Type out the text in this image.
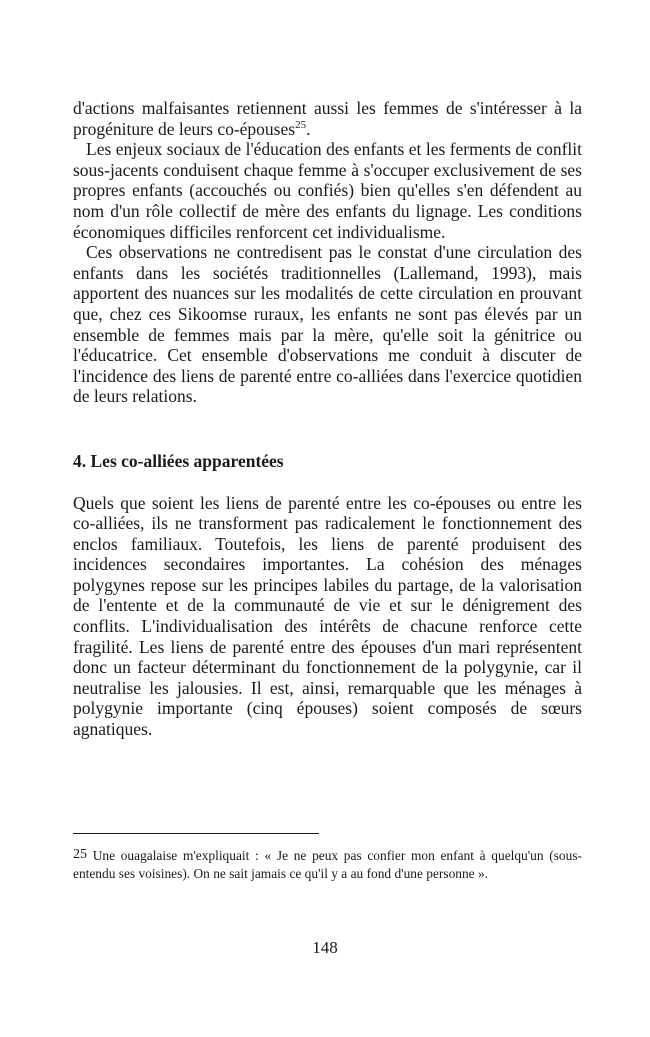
d'actions malfaisantes retiennent aussi les femmes de s'intéresser à la progéniture de leurs co-épouses$^{25}$.

Les enjeux sociaux de l'éducation des enfants et les ferments de conflit sous-jacents conduisent chaque femme à s'occuper exclusivement de ses propres enfants (accouchés ou confiés) bien qu'elles s'en défendent au nom d'un rôle collectif de mère des enfants du lignage. Les conditions économiques difficiles renforcent cet individualisme.

Ces observations ne contredisent pas le constat d'une circulation des enfants dans les sociétés traditionnelles (Lallemand, 1993), mais apportent des nuances sur les modalités de cette circulation en prouvant que, chez ces Sikoomse ruraux, les enfants ne sont pas élevés par un ensemble de femmes mais par la mère, qu'elle soit la génitrice ou l'éducatrice. Cet ensemble d'observations me conduit à discuter de l'incidence des liens de parenté entre co-alliées dans l'exercice quotidien de leurs relations.

4. Les co-alliées apparentées

Quels que soient les liens de parenté entre les co-épouses ou entre les co-alliées, ils ne transforment pas radicalement le fonctionnement des enclos familiaux. Toutefois, les liens de parenté produisent des incidences secondaires importantes. La cohésion des ménages polygynes repose sur les principes labiles du partage, de la valorisation de l'entente et de la communauté de vie et sur le dénigrement des conflits. L'individualisation des intérêts de chacune renforce cette fragilité. Les liens de parenté entre des épouses d'un mari représentent donc un facteur déterminant du fonctionnement de la polygynie, car il neutralise les jalousies. Il est, ainsi, remarquable que les ménages à polygynie importante (cinq épouses) soient composés de sœurs agnatiques.

25 Une ouagalaise m'expliquait : « Je ne peux pas confier mon enfant à quelqu'un (sous-entendu ses voisines). On ne sait jamais ce qu'il y a au fond d'une personne ».
148
